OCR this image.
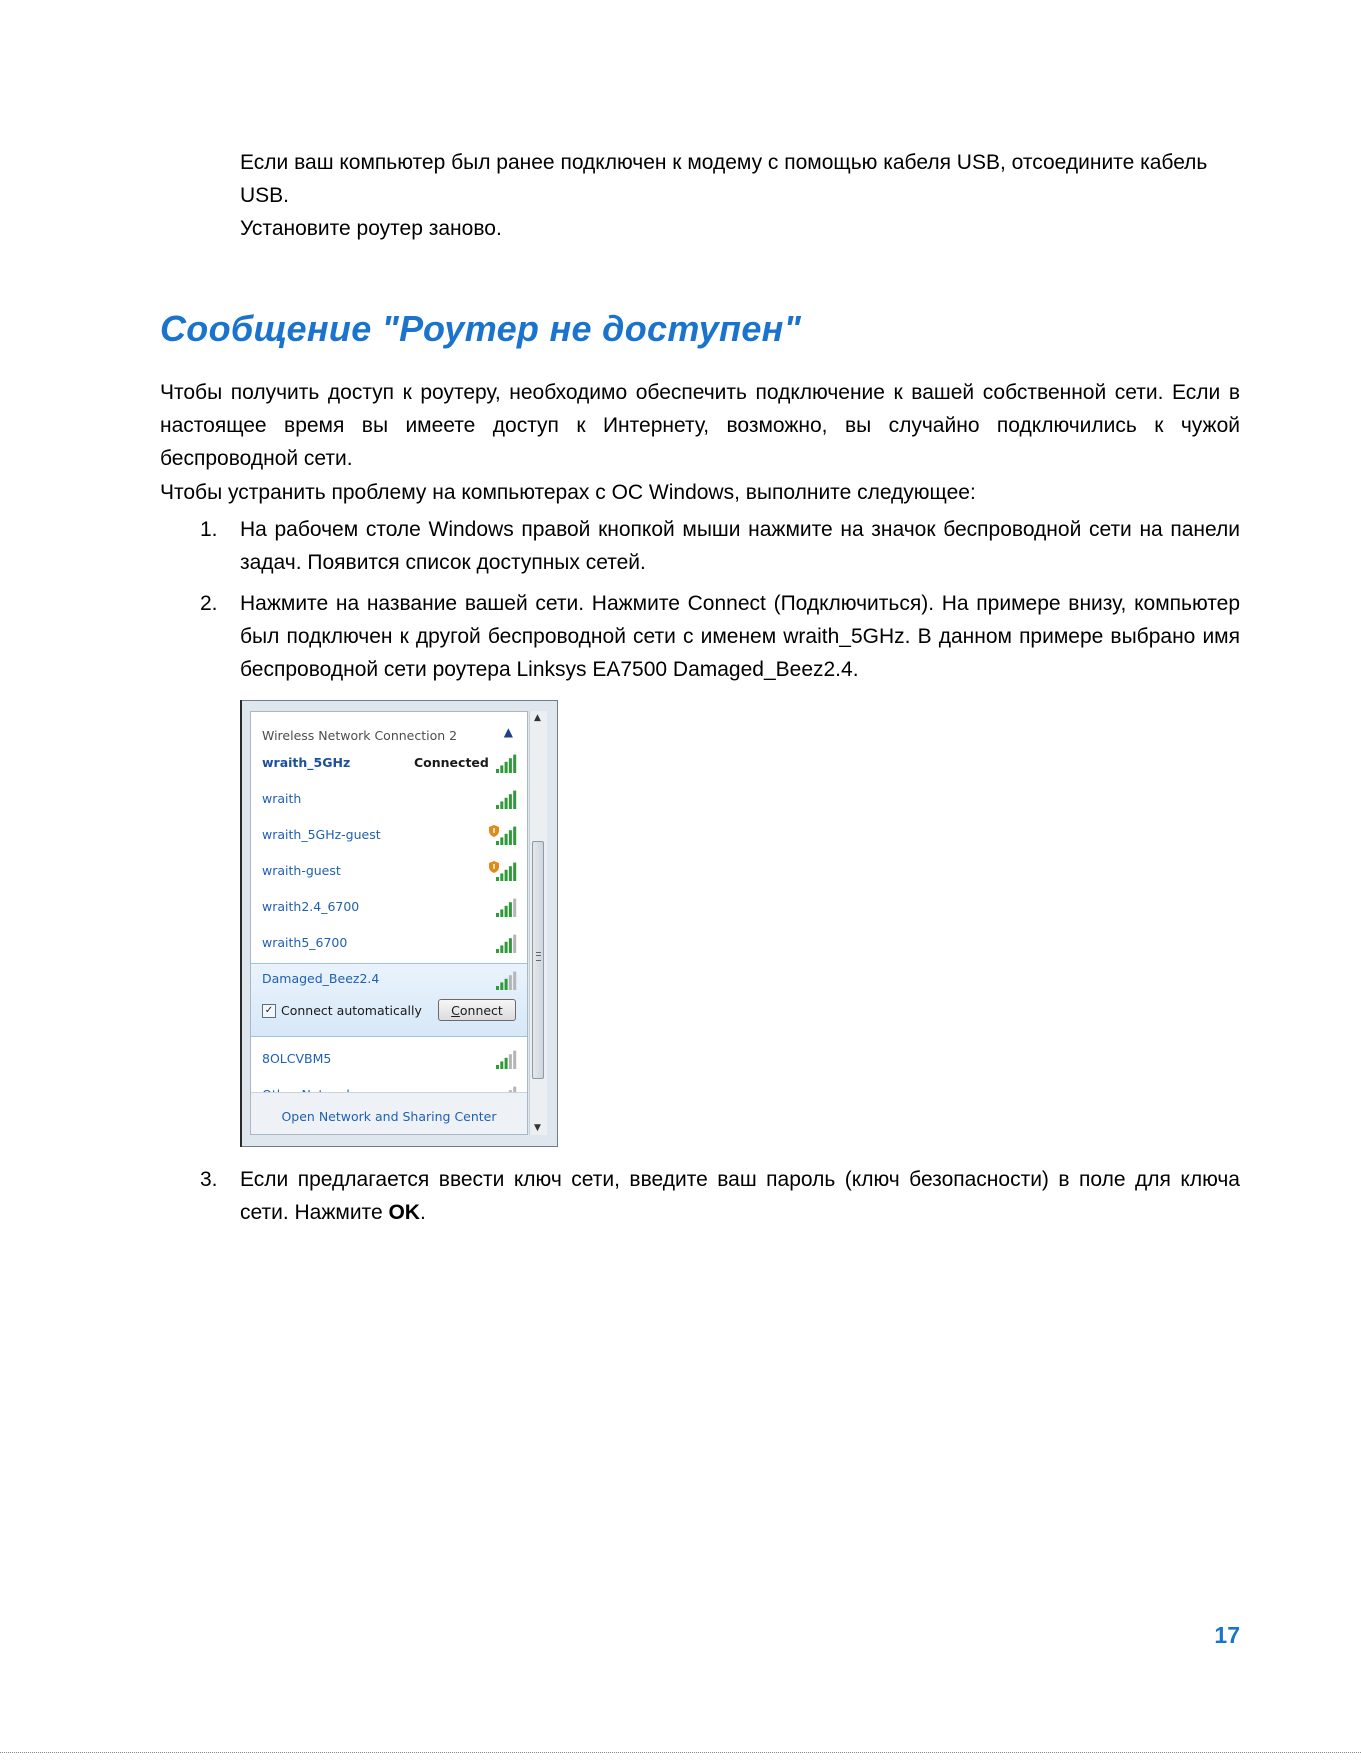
Если ваш компьютер был ранее подключен к модему с помощью кабеля USB, отсоедините кабель USB.
Установите роутер заново.
Сообщение "Роутер не доступен"
Чтобы получить доступ к роутеру, необходимо обеспечить подключение к вашей собственной сети. Если в настоящее время вы имеете доступ к Интернету, возможно, вы случайно подключились к чужой беспроводной сети.
Чтобы устранить проблему на компьютерах с ОС Windows, выполните следующее:
1. На рабочем столе Windows правой кнопкой мыши нажмите на значок беспроводной сети на панели задач. Появится список доступных сетей.
2. Нажмите на название вашей сети. Нажмите Connect (Подключиться). На примере внизу, компьютер был подключен к другой беспроводной сети с именем wraith_5GHz. В данном примере выбрано имя беспроводной сети роутера Linksys EA7500 Damaged_Beez2.4.
Wireless Network Connection 2	▲
wraith_5GHz	Connected
wraith
wraith_5GHz-guest
wraith-guest
wraith2.4_6700
wraith5_6700
Damaged_Beez2.4
✓ Connect automatically	Connect
8OLCVBM5
Open Network and Sharing Center
▲
▼
3. Если предлагается ввести ключ сети, введите ваш пароль (ключ безопасности) в поле для ключа сети. Нажмите OK.
17
